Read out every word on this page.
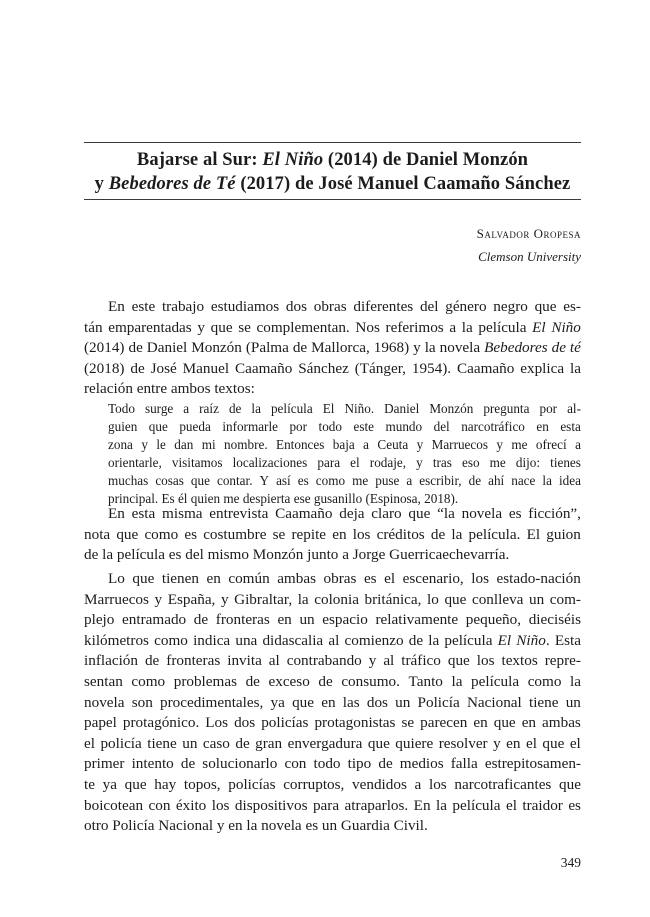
Bajarse al Sur: El Niño (2014) de Daniel Monzón
y Bebedores de Té (2017) de José Manuel Caamaño Sánchez
Salvador Oropesa
Clemson University
En este trabajo estudiamos dos obras diferentes del género negro que es-
tán emparentadas y que se complementan. Nos referimos a la película El Niño
(2014) de Daniel Monzón (Palma de Mallorca, 1968) y la novela Bebedores de té
(2018) de José Manuel Caamaño Sánchez (Tánger, 1954). Caamaño explica la
relación entre ambos textos:
Todo surge a raíz de la película El Niño. Daniel Monzón pregunta por al-
guien que pueda informarle por todo este mundo del narcotráfico en esta
zona y le dan mi nombre. Entonces baja a Ceuta y Marruecos y me ofrecí a
orientarle, visitamos localizaciones para el rodaje, y tras eso me dijo: tienes
muchas cosas que contar. Y así es como me puse a escribir, de ahí nace la idea
principal. Es él quien me despierta ese gusanillo (Espinosa, 2018).
En esta misma entrevista Caamaño deja claro que “la novela es ficción”,
nota que como es costumbre se repite en los créditos de la película. El guion
de la película es del mismo Monzón junto a Jorge Guerricaechevarría.
Lo que tienen en común ambas obras es el escenario, los estado-nación
Marruecos y España, y Gibraltar, la colonia británica, lo que conlleva un com-
plejo entramado de fronteras en un espacio relativamente pequeño, dieciséis
kilómetros como indica una didascalia al comienzo de la película El Niño. Esta
inflación de fronteras invita al contrabando y al tráfico que los textos repre-
sentan como problemas de exceso de consumo. Tanto la película como la
novela son procedimentales, ya que en las dos un Policía Nacional tiene un
papel protagónico. Los dos policías protagonistas se parecen en que en ambas
el policía tiene un caso de gran envergadura que quiere resolver y en el que el
primer intento de solucionarlo con todo tipo de medios falla estrepitosamen-
te ya que hay topos, policías corruptos, vendidos a los narcotraficantes que
boicotean con éxito los dispositivos para atraparlos. En la película el traidor es
otro Policía Nacional y en la novela es un Guardia Civil.
349
